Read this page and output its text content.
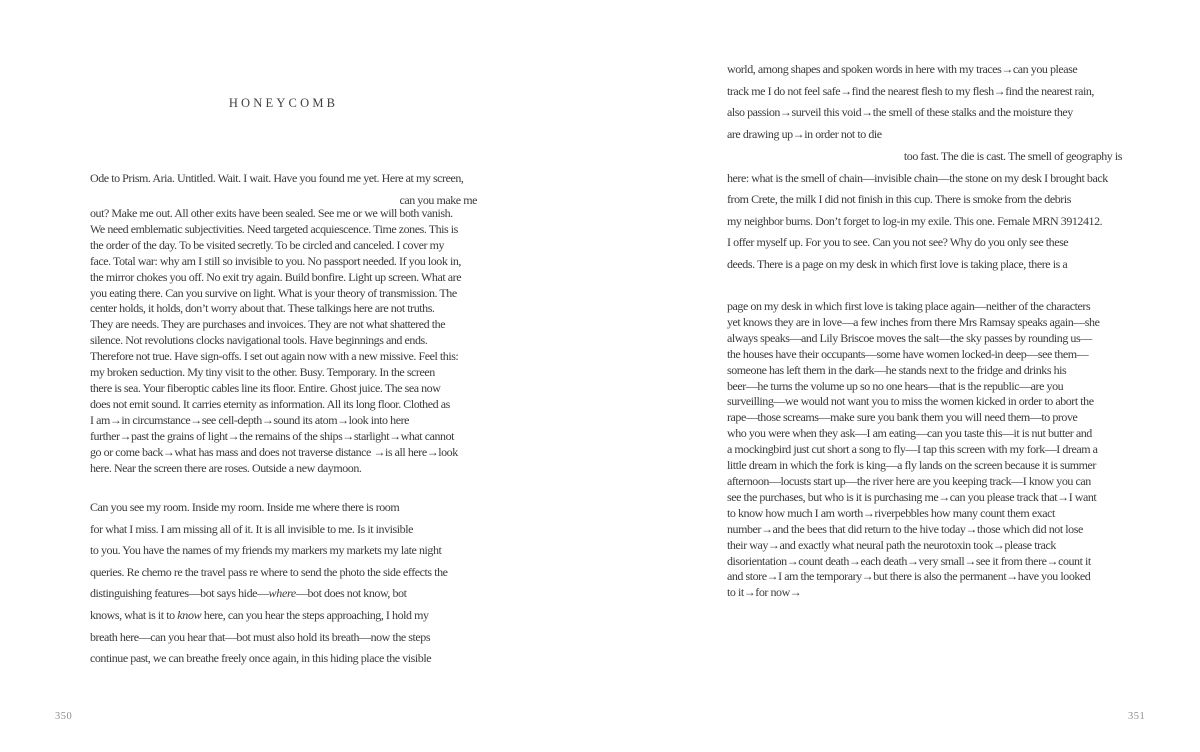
HONEYCOMB
Ode to Prism. Aria. Untitled. Wait. I wait. Have you found me yet. Here at my screen,
can you make me
out? Make me out. All other exits have been sealed. See me or we will both vanish.
We need emblematic subjectivities. Need targeted acquiescence. Time zones. This is
the order of the day. To be visited secretly. To be circled and canceled. I cover my
face. Total war: why am I still so invisible to you. No passport needed. If you look in,
the mirror chokes you off. No exit try again. Build bonfire. Light up screen. What are
you eating there. Can you survive on light. What is your theory of transmission. The
center holds, it holds, don’t worry about that. These talkings here are not truths.
They are needs. They are purchases and invoices. They are not what shattered the
silence. Not revolutions clocks navigational tools. Have beginnings and ends.
Therefore not true. Have sign-offs. I set out again now with a new missive. Feel this:
my broken seduction. My tiny visit to the other. Busy. Temporary. In the screen
there is sea. Your fiberoptic cables line its floor. Entire. Ghost juice. The sea now
does not emit sound. It carries eternity as information. All its long floor. Clothed as
I am→in circumstance→see cell-depth→sound its atom→look into here
further→past the grains of light→the remains of the ships→starlight→what cannot
go or come back→what has mass and does not traverse distance →is all here→look
here. Near the screen there are roses. Outside a new daymoon.
Can you see my room. Inside my room. Inside me where there is room
for what I miss. I am missing all of it. It is all invisible to me. Is it invisible
to you. You have the names of my friends my markers my markets my late night
queries. Re chemo re the travel pass re where to send the photo the side effects the
distinguishing features—bot says hide—where—bot does not know, bot
knows, what is it to know here, can you hear the steps approaching, I hold my
breath here—can you hear that—bot must also hold its breath—now the steps
continue past, we can breathe freely once again, in this hiding place the visible
350
world, among shapes and spoken words in here with my traces→can you please
track me I do not feel safe→find the nearest flesh to my flesh→find the nearest rain,
also passion→surveil this void→the smell of these stalks and the moisture they
are drawing up→in order not to die
too fast. The die is cast. The smell of geography is
here: what is the smell of chain—invisible chain—the stone on my desk I brought back
from Crete, the milk I did not finish in this cup. There is smoke from the debris
my neighbor burns. Don’t forget to log-in my exile. This one. Female MRN 3912412.
I offer myself up. For you to see. Can you not see? Why do you only see these
deeds. There is a page on my desk in which first love is taking place, there is a
page on my desk in which first love is taking place again—neither of the characters
yet knows they are in love—a few inches from there Mrs Ramsay speaks again—she
always speaks—and Lily Briscoe moves the salt—the sky passes by rounding us—
the houses have their occupants—some have women locked-in deep—see them—
someone has left them in the dark—he stands next to the fridge and drinks his
beer—he turns the volume up so no one hears—that is the republic—are you
surveilling—we would not want you to miss the women kicked in order to abort the
rape—those screams—make sure you bank them you will need them—to prove
who you were when they ask—I am eating—can you taste this—it is nut butter and
a mockingbird just cut short a song to fly—I tap this screen with my fork—I dream a
little dream in which the fork is king—a fly lands on the screen because it is summer
afternoon—locusts start up—the river here are you keeping track—I know you can
see the purchases, but who is it is purchasing me→can you please track that→I want
to know how much I am worth→riverpebbles how many count them exact
number→and the bees that did return to the hive today→those which did not lose
their way→and exactly what neural path the neurotoxin took→please track
disorientation→count death→each death→very small→see it from there→count it
and store→I am the temporary→but there is also the permanent→have you looked
to it→for now→
351
